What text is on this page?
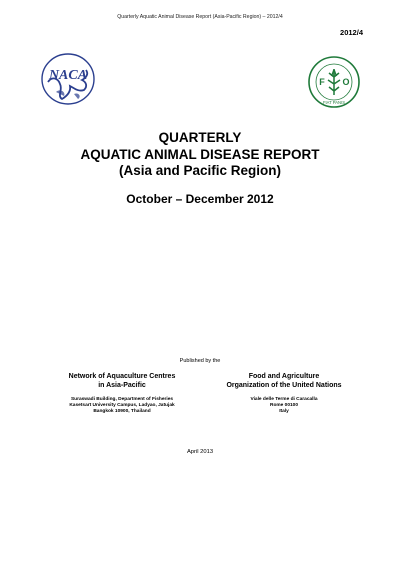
Quarterly Aquatic Animal Disease Report (Asia-Pacific Region) – 2012/4
2012/4
NACA	F
A
O
FIAT PANIS
QUARTERLY
AQUATIC ANIMAL DISEASE REPORT
(Asia and Pacific Region)
October – December 2012
Published by the
Network of Aquaculture Centres
in Asia-Pacific
Food and Agriculture
Organization of the United Nations
Suraswadi Building, Department of Fisheries
Kasetsart University Campus, Ladyao, Jatujak
Bangkok 10900, Thailand
Viale delle Terme di Caracalla
Rome 00100
Italy
April 2013
